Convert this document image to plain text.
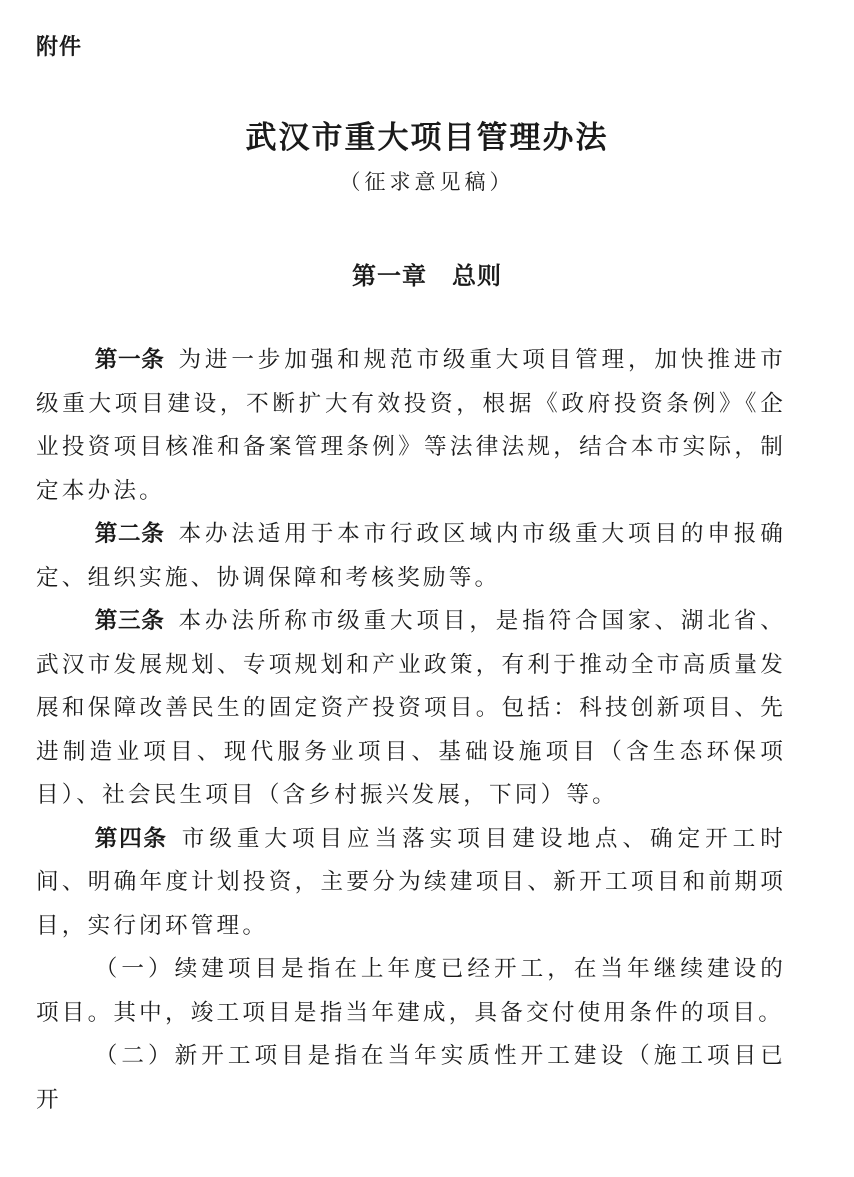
附件
武汉市重大项目管理办法
（征求意见稿）
第一章　总则

第一条 为进一步加强和规范市级重大项目管理，加快推进市级重大项目建设，不断扩大有效投资，根据《政府投资条例》《企业投资项目核准和备案管理条例》等法律法规，结合本市实际，制定本办法。

第二条 本办法适用于本市行政区域内市级重大项目的申报确定、组织实施、协调保障和考核奖励等。

第三条 本办法所称市级重大项目，是指符合国家、湖北省、武汉市发展规划、专项规划和产业政策，有利于推动全市高质量发展和保障改善民生的固定资产投资项目。包括：科技创新项目、先进制造业项目、现代服务业项目、基础设施项目（含生态环保项目）、社会民生项目（含乡村振兴发展，下同）等。

第四条 市级重大项目应当落实项目建设地点、确定开工时间、明确年度计划投资，主要分为续建项目、新开工项目和前期项目，实行闭环管理。

（一）续建项目是指在上年度已经开工，在当年继续建设的项目。其中，竣工项目是指当年建成，具备交付使用条件的项目。

（二）新开工项目是指在当年实质性开工建设（施工项目已开
